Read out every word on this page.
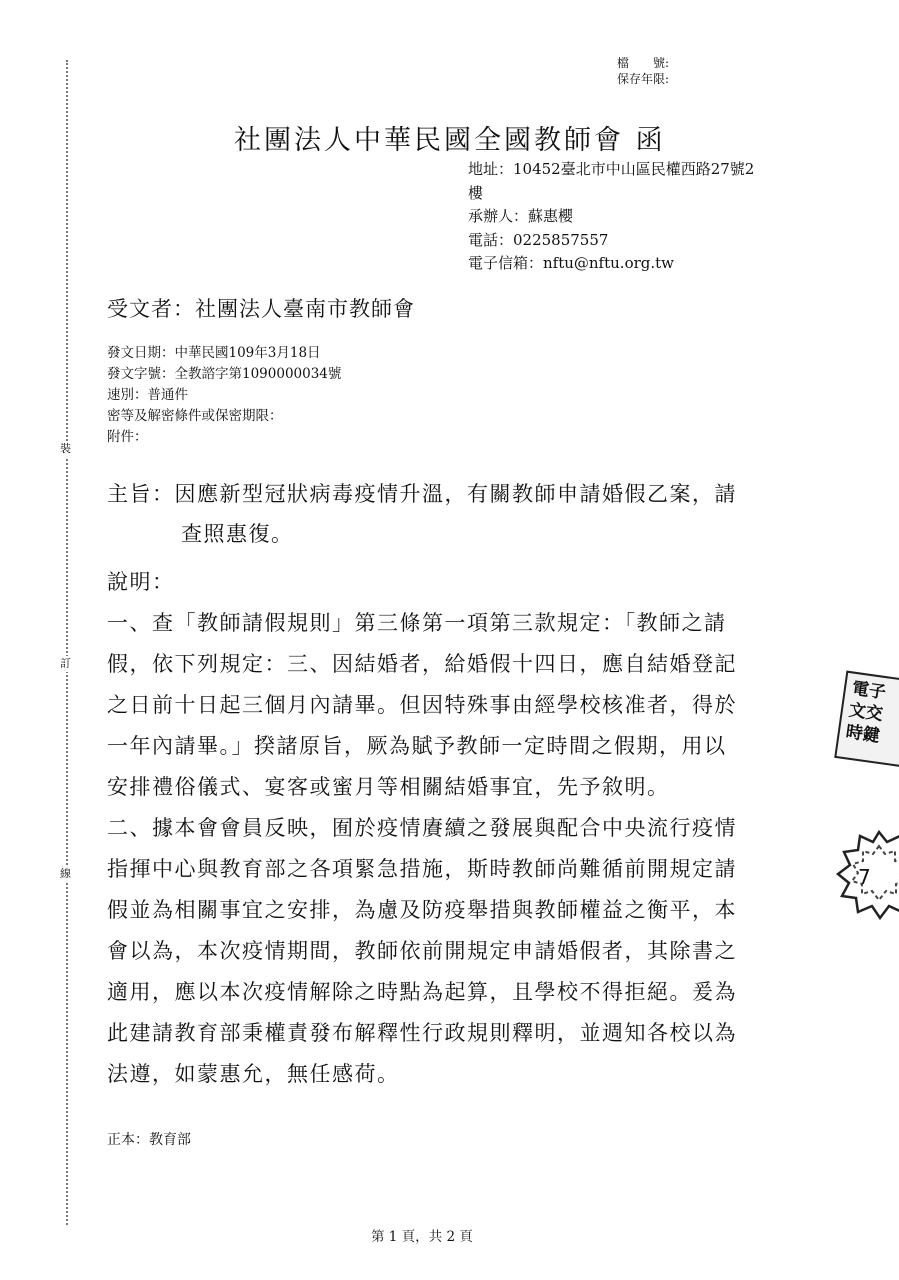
裝
訂
線
檔　　號:
保存年限:
社團法人中華民國全國教師會 函
地址：10452臺北市中山區民權西路27號2
樓
承辦人：蘇惠櫻
電話：0225857557
電子信箱：nftu@nftu.org.tw
受文者：社團法人臺南市教師會
發文日期：中華民國109年3月18日
發文字號：全教諮字第1090000034號
速別：普通件
密等及解密條件或保密期限：
附件：
主旨：因應新型冠狀病毒疫情升溫，有關教師申請婚假乙案，請
查照惠復。
說明：
一、查「教師請假規則」第三條第一項第三款規定：「教師之請
假，依下列規定：三、因結婚者，給婚假十四日，應自結婚登記
之日前十日起三個月內請畢。但因特殊事由經學校核准者，得於
一年內請畢。」揆諸原旨，厥為賦予教師一定時間之假期，用以
安排禮俗儀式、宴客或蜜月等相關結婚事宜，先予敘明。
二、據本會會員反映，囿於疫情賡續之發展與配合中央流行疫情
指揮中心與教育部之各項緊急措施，斯時教師尚難循前開規定請
假並為相關事宜之安排，為慮及防疫舉措與教師權益之衡平，本
會以為，本次疫情期間，教師依前開規定申請婚假者，其除書之
適用，應以本次疫情解除之時點為起算，且學校不得拒絕。爰為
此建請教育部秉權責發布解釋性行政規則釋明，並週知各校以為
法遵，如蒙惠允，無任感荷。
正本：教育部
第 1 頁，共 2 頁
電子
文交
時鍵
7
